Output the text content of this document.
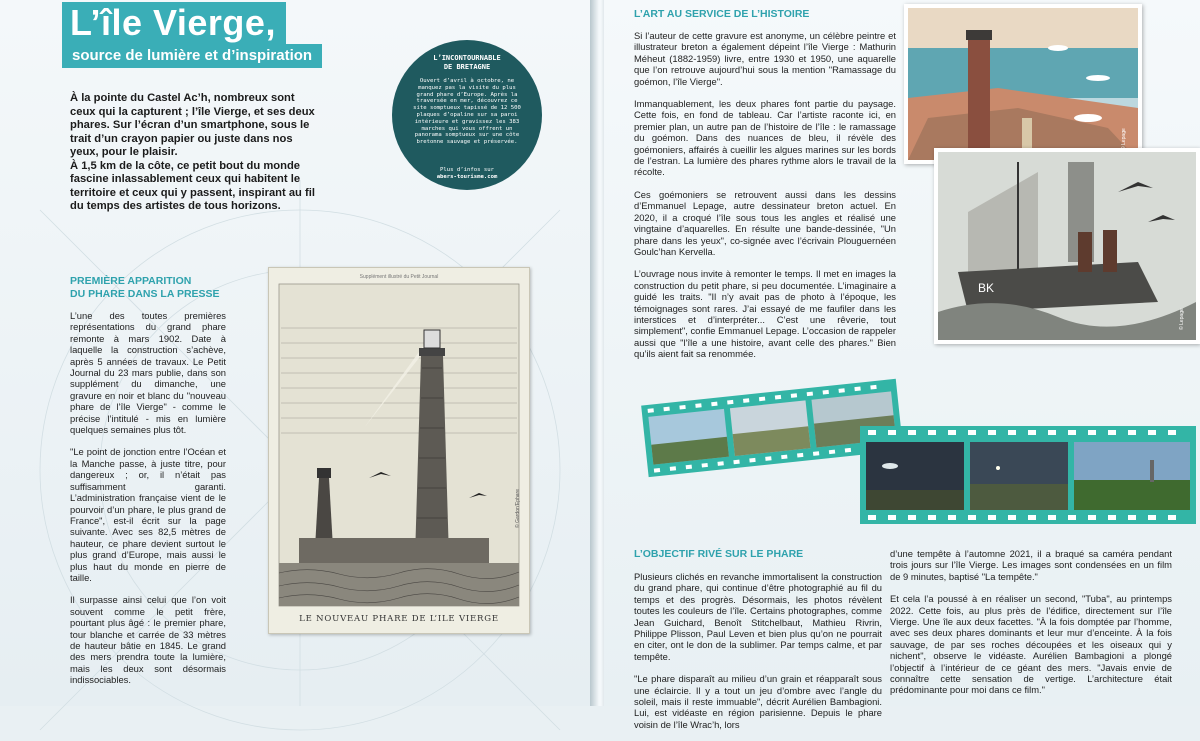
L’île Vierge,
source de lumière et d’inspiration

À la pointe du Castel Ac’h, nombreux sont ceux qui la capturent ; l’île Vierge, et ses deux phares. Sur l’écran d’un smartphone, sous le trait d’un crayon papier ou juste dans nos yeux, pour le plaisir.

À 1,5 km de la côte, ce petit bout du monde fascine inlassablement ceux qui habitent le territoire et ceux qui y passent, inspirant au fil du temps des artistes de tous horizons.

L’INCONTOURNABLE
DE BRETAGNE
Ouvert d’avril à octobre, ne manquez pas la visite du plus grand phare d’Europe. Après la traversée en mer, découvrez ce site somptueux tapissé de 12 500 plaques d’opaline sur sa paroi intérieure et gravissez les 383 marches qui vous offrent un panorama somptueux sur une côte bretonne sauvage et préservée.
Plus d’infos sur
abers-tourisme.com
PREMIÈRE APPARITION
DU PHARE DANS LA PRESSE

L’une des toutes premières représentations du grand phare remonte à mars 1902. Date à laquelle la construction s’achève, après 5 années de travaux. Le Petit Journal du 23 mars publie, dans son supplément du dimanche, une gravure en noir et blanc du "nouveau phare de l’île Vierge" - comme le précise l’intitulé - mis en lumière quelques semaines plus tôt.

"Le point de jonction entre l’Océan et la Manche passe, à juste titre, pour dangereux ; or, il n’était pas suffisamment garanti. L’administration française vient de le pourvoir d’un phare, le plus grand de France", est-il écrit sur la page suivante. Avec ses 82,5 mètres de hauteur, ce phare devient surtout le plus grand d’Europe, mais aussi le plus haut du monde en pierre de taille.

Il surpasse ainsi celui que l’on voit souvent comme le petit frère, pourtant plus âgé : le premier phare, tour blanche et carrée de 33 mètres de hauteur bâtie en 1845. Le grand des mers prendra toute la lumière, mais les deux sont désormais indissociables.

Supplément illustré du Petit Journal
© Gardon’Ephare
LE NOUVEAU PHARE DE L’ILE VIERGE
L’ART AU SERVICE DE L’HISTOIRE

Si l’auteur de cette gravure est anonyme, un célèbre peintre et illustrateur breton a également dépeint l’île Vierge : Mathurin Méheut (1882-1959) livre, entre 1930 et 1950, une aquarelle que l’on retrouve aujourd’hui sous la mention "Ramassage du goémon, l’île Vierge".

Immanquablement, les deux phares font partie du paysage. Cette fois, en fond de tableau. Car l’artiste raconte ici, en premier plan, un autre pan de l’histoire de l’île : le ramassage du goémon. Dans des nuances de bleu, il révèle des goémoniers, affairés à cueillir les algues marines sur les bords de l’estran. La lumière des phares rythme alors le travail de la récolte.

Ces goémoniers se retrouvent aussi dans les dessins d’Emmanuel Lepage, autre dessinateur breton actuel. En 2020, il a croqué l’île sous tous les angles et réalisé une vingtaine d’aquarelles. En résulte une bande-dessinée, "Un phare dans les yeux", co-signée avec l’écrivain Plouguernéen Goulc’han Kervella.

L’ouvrage nous invite à remonter le temps. Il met en images la construction du petit phare, si peu documentée. L’imaginaire a guidé les traits. "Il n’y avait pas de photo à l’époque, les témoignages sont rares. J’ai essayé de me faufiler dans les interstices et d’interpréter... C’est une rêverie, tout simplement", confie Emmanuel Lepage. L’occasion de rappeler aussi que "l’île a une histoire, avant celle des phares." Bien qu’ils aient fait sa renommée.

© Lepage
BK
© Lepage
L’OBJECTIF RIVÉ SUR LE PHARE

Plusieurs clichés en revanche immortalisent la construction du grand phare, qui continue d’être photographié au fil du temps et des progrès. Désormais, les photos révèlent toutes les couleurs de l’île. Certains photographes, comme Jean Guichard, Benoît Stitchelbaut, Mathieu Rivrin, Philippe Plisson, Paul Leven et bien plus qu’on ne pourrait en citer, ont le don de la sublimer. Par temps calme, et par tempête.

"Le phare disparaît au milieu d’un grain et réapparaît sous une éclaircie. Il y a tout un jeu d’ombre avec l’angle du soleil, mais il reste immuable", décrit Aurélien Bambagioni. Lui, est vidéaste en région parisienne. Depuis le phare voisin de l’île Wrac’h, lors

d’une tempête à l’automne 2021, il a braqué sa caméra pendant trois jours sur l’île Vierge. Les images sont condensées en un film de 9 minutes, baptisé "La tempête."

Et cela l’a poussé à en réaliser un second, "Tuba", au printemps 2022. Cette fois, au plus près de l’édifice, directement sur l’île Vierge. Une île aux deux facettes. "À la fois domptée par l’homme, avec ses deux phares dominants et leur mur d’enceinte. À la fois sauvage, de par ses roches découpées et les oiseaux qui y nichent", observe le vidéaste. Aurélien Bambagioni a plongé l’objectif à l’intérieur de ce géant des mers. "Javais envie de connaître cette sensation de vertige. L’architecture était prédominante pour moi dans ce film."
